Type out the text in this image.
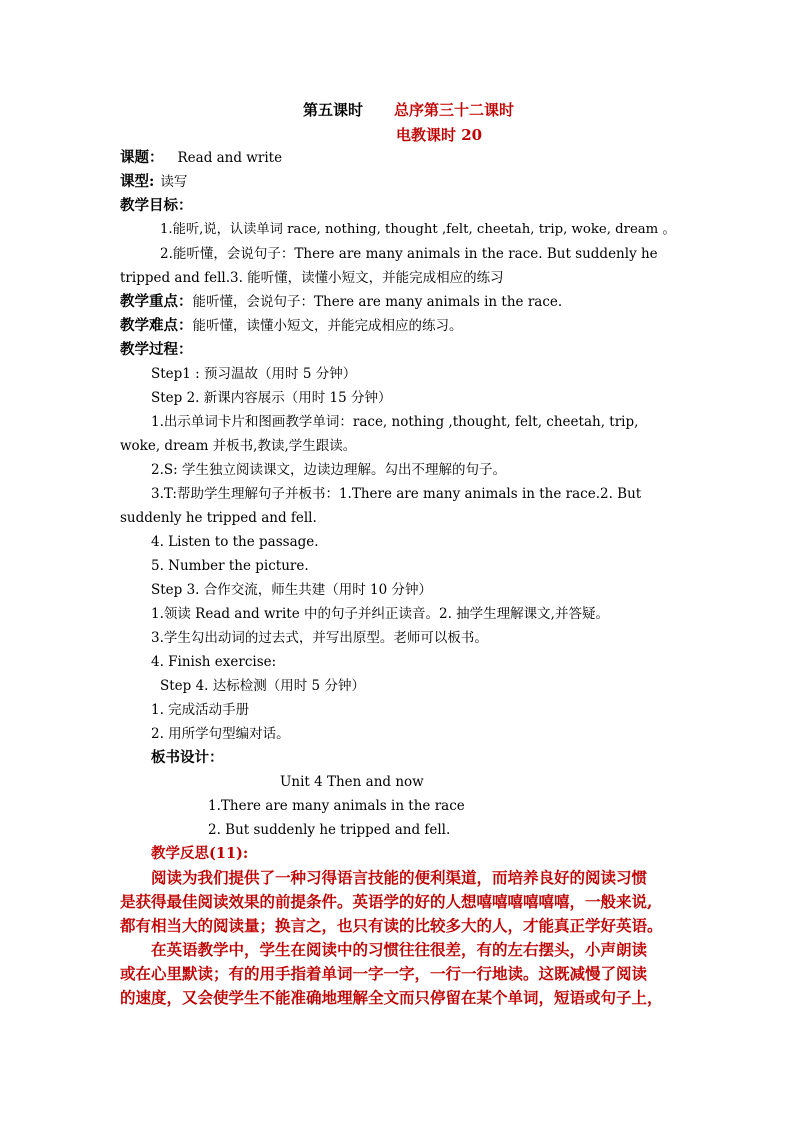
第五课时 总序第三十二课时
电教课时 20
课题： Read and write
课型: 读写
教学目标：
1.能听,说，认读单词 race, nothing, thought ,felt, cheetah, trip, woke, dream 。
2.能听懂，会说句子：There are many animals in the race. But suddenly he
tripped and fell.3. 能听懂，读懂小短文，并能完成相应的练习
教学重点：能听懂，会说句子：There are many animals in the race.
教学难点：能听懂，读懂小短文，并能完成相应的练习。
教学过程：
Step1 : 预习温故（用时 5 分钟）
Step 2. 新课内容展示（用时 15 分钟）
1.出示单词卡片和图画教学单词：race, nothing ,thought, felt, cheetah, trip,
woke, dream 并板书,教读,学生跟读。
2.S: 学生独立阅读课文，边读边理解。勾出不理解的句子。
3.T:帮助学生理解句子并板书：1.There are many animals in the race.2. But
suddenly he tripped and fell.
4. Listen to the passage.
5. Number the picture.
Step 3. 合作交流，师生共建（用时 10 分钟）
1.领读 Read and write 中的句子并纠正读音。2. 抽学生理解课文,并答疑。
3.学生勾出动词的过去式，并写出原型。老师可以板书。
4. Finish exercise:
Step 4. 达标检测（用时 5 分钟）
1. 完成活动手册
2. 用所学句型编对话。
板书设计：
Unit 4 Then and now
1.There are many animals in the race
2. But suddenly he tripped and fell.
教学反思(11):
阅读为我们提供了一种习得语言技能的便利渠道，而培养良好的阅读习惯
是获得最佳阅读效果的前提条件。英语学的好的人想嘻嘻嘻嘻嘻嘻，一般来说,
都有相当大的阅读量；换言之，也只有读的比较多大的人，才能真正学好英语。
在英语教学中，学生在阅读中的习惯往往很差，有的左右摆头，小声朗读
或在心里默读；有的用手指着单词一字一字，一行一行地读。这既减慢了阅读
的速度，又会使学生不能准确地理解全文而只停留在某个单词，短语或句子上，
